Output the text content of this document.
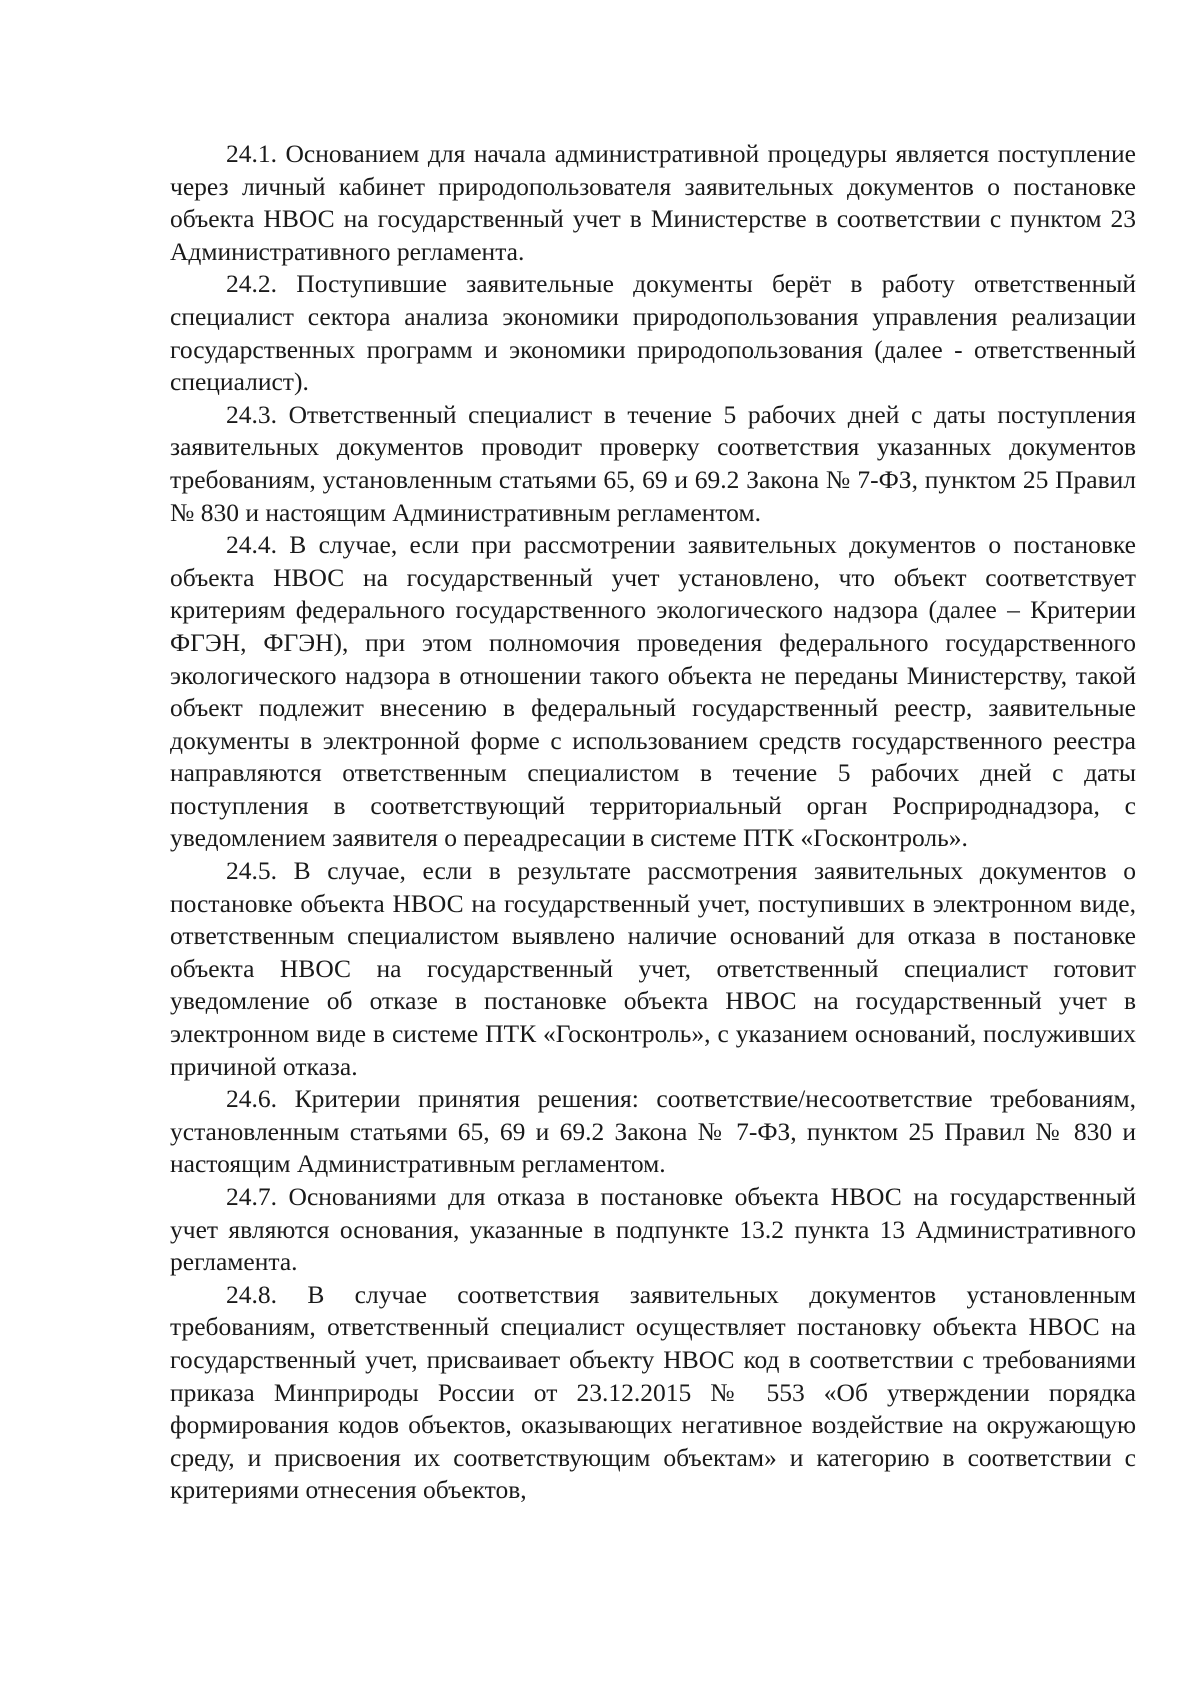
24.1. Основанием для начала административной процедуры является поступление через личный кабинет природопользователя заявительных документов о постановке объекта НВОС на государственный учет в Министерстве в соответствии с пунктом 23 Административного регламента.

24.2. Поступившие заявительные документы берёт в работу ответственный специалист сектора анализа экономики природопользования управления реализации государственных программ и экономики природопользования (далее - ответственный специалист).

24.3. Ответственный специалист в течение 5 рабочих дней с даты поступления заявительных документов проводит проверку соответствия указанных документов требованиям, установленным статьями 65, 69 и 69.2 Закона № 7-ФЗ, пунктом 25 Правил № 830 и настоящим Административным регламентом.

24.4. В случае, если при рассмотрении заявительных документов о постановке объекта НВОС на государственный учет установлено, что объект соответствует критериям федерального государственного экологического надзора (далее – Критерии ФГЭН, ФГЭН), при этом полномочия проведения федерального государственного экологического надзора в отношении такого объекта не переданы Министерству, такой объект подлежит внесению в федеральный государственный реестр, заявительные документы в электронной форме с использованием средств государственного реестра направляются ответственным специалистом в течение 5 рабочих дней с даты поступления в соответствующий территориальный орган Росприроднадзора, с уведомлением заявителя о переадресации в системе ПТК «Госконтроль».

24.5. В случае, если в результате рассмотрения заявительных документов о постановке объекта НВОС на государственный учет, поступивших в электронном виде, ответственным специалистом выявлено наличие оснований для отказа в постановке объекта НВОС на государственный учет, ответственный специалист готовит уведомление об отказе в постановке объекта НВОС на государственный учет в электронном виде в системе ПТК «Госконтроль», с указанием оснований, послуживших причиной отказа.

24.6. Критерии принятия решения: соответствие/несоответствие требованиям, установленным статьями 65, 69 и 69.2 Закона № 7-ФЗ, пунктом 25 Правил № 830 и настоящим Административным регламентом.

24.7. Основаниями для отказа в постановке объекта НВОС на государственный учет являются основания, указанные в подпункте 13.2 пункта 13 Административного регламента.

24.8. В случае соответствия заявительных документов установленным требованиям, ответственный специалист осуществляет постановку объекта НВОС на государственный учет, присваивает объекту НВОС код в соответствии с требованиями приказа Минприроды России от 23.12.2015 № 553 «Об утверждении порядка формирования кодов объектов, оказывающих негативное воздействие на окружающую среду, и присвоения их соответствующим объектам» и категорию в соответствии с критериями отнесения объектов,
